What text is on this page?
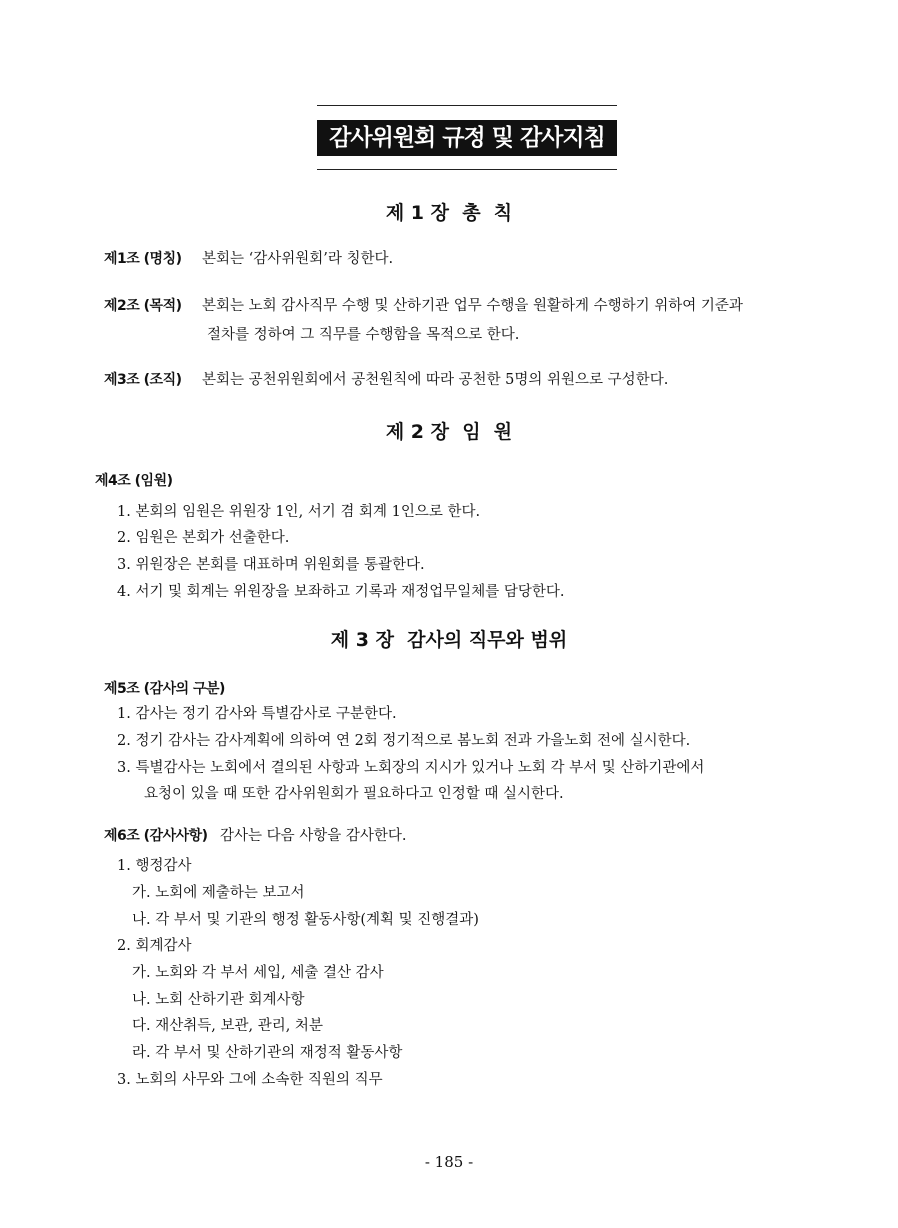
감사위원회 규정 및 감사지침
제 1 장  총  칙
제1조 (명칭) 본회는 ‘감사위원회’라 칭한다.
제2조 (목적) 본회는 노회 감사직무 수행 및 산하기관 업무 수행을 원활하게 수행하기 위하여 기준과
절차를 정하여 그 직무를 수행함을 목적으로 한다.
제3조 (조직) 본회는 공천위원회에서 공천원칙에 따라 공천한 5명의 위원으로 구성한다.
제 2 장  임  원
제4조 (임원)
1. 본회의 임원은 위원장 1인, 서기 겸 회계 1인으로 한다.
2. 임원은 본회가 선출한다.
3. 위원장은 본회를 대표하며 위원회를 통괄한다.
4. 서기 및 회계는 위원장을 보좌하고 기록과 재정업무일체를 담당한다.
제 3 장  감사의 직무와 범위
제5조 (감사의 구분)
1. 감사는 정기 감사와 특별감사로 구분한다.
2. 정기 감사는 감사계획에 의하여 연 2회 정기적으로 봄노회 전과 가을노회 전에 실시한다.
3. 특별감사는 노회에서 결의된 사항과 노회장의 지시가 있거나 노회 각 부서 및 산하기관에서
요청이 있을 때 또한 감사위원회가 필요하다고 인정할 때 실시한다.
제6조 (감사사항) 감사는 다음 사항을 감사한다.
1. 행정감사
가. 노회에 제출하는 보고서
나. 각 부서 및 기관의 행정 활동사항(계획 및 진행결과)
2. 회계감사
가. 노회와 각 부서 세입, 세출 결산 감사
나. 노회 산하기관 회계사항
다. 재산취득, 보관, 관리, 처분
라. 각 부서 및 산하기관의 재정적 활동사항
3. 노회의 사무와 그에 소속한 직원의 직무
- 185 -
